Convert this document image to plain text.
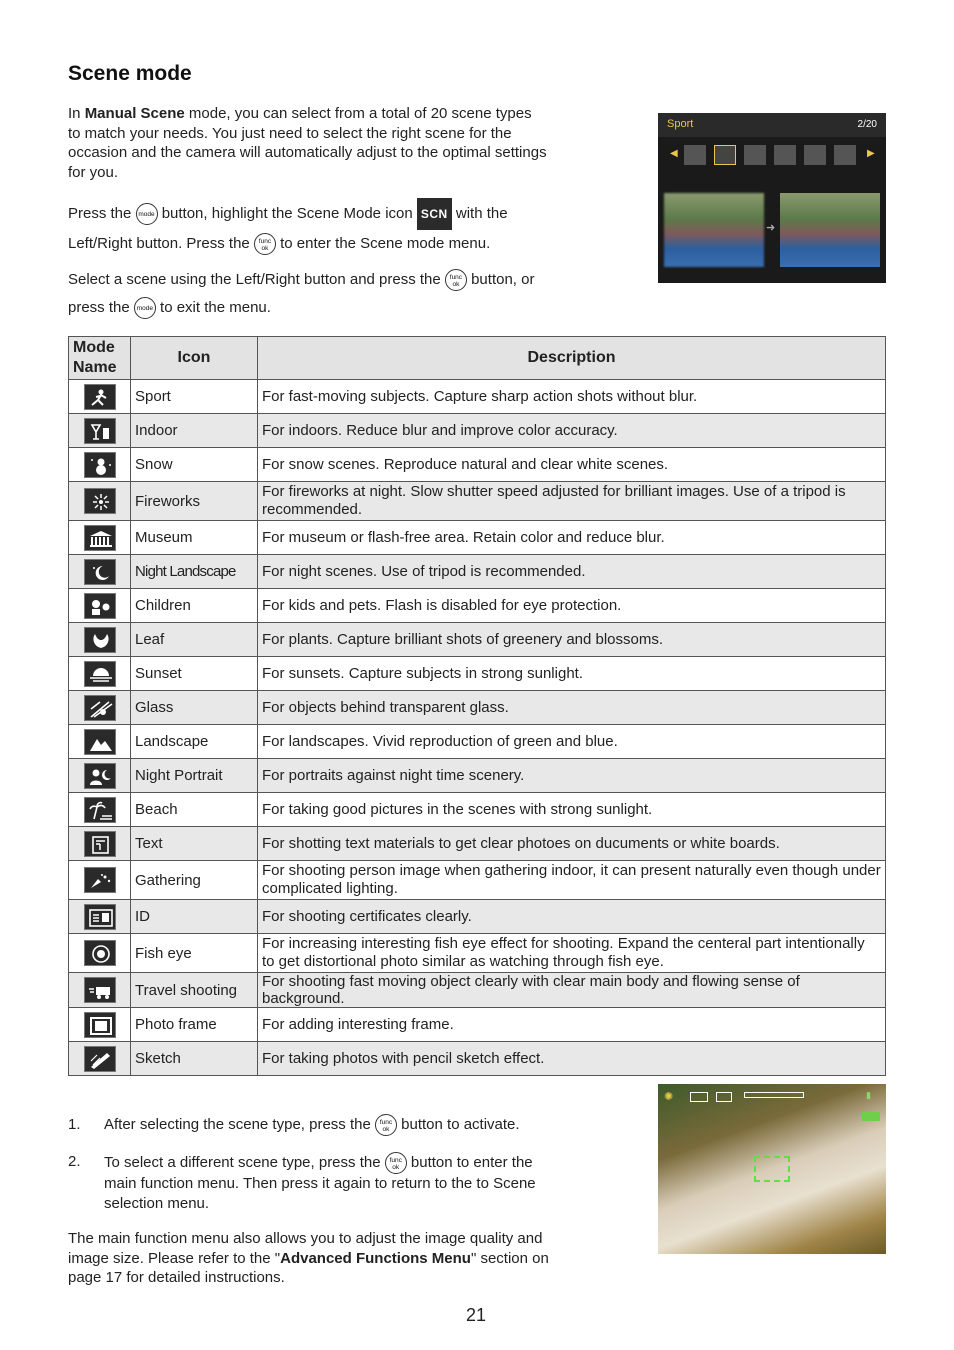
Scene mode
In Manual Scene mode, you can select from a total of 20 scene types to match your needs. You just need to select the right scene for the occasion and the camera will automatically adjust to the optimal settings for you.
Press the mode button, highlight the Scene Mode icon SCN with the
Left/Right button. Press the func
ok to enter the Scene mode menu.
Select a scene using the Left/Right button and press the func
ok button, or
press the mode to exit the menu.
Sport	2/20
◀	▶
➜
Mode Name	Icon	Description

	Sport	For fast-moving subjects. Capture sharp action shots without blur.

	Indoor	For indoors. Reduce blur and improve color accuracy.

	Snow	For snow scenes. Reproduce natural and clear white scenes.

	Fireworks	For fireworks at night. Slow shutter speed adjusted for brilliant images. Use of a tripod is recommended.

	Museum	For museum or flash-free area. Retain color and reduce blur.

	Night Landscape	For night scenes. Use of tripod is recommended.

	Children	For kids and pets. Flash is disabled for eye protection.

	Leaf	For plants. Capture brilliant shots of greenery and blossoms.

	Sunset	For sunsets. Capture subjects in strong sunlight.

	Glass	For objects behind transparent glass.

	Landscape	For landscapes. Vivid reproduction of green and blue.

	Night Portrait	For portraits against night time scenery.

	Beach	For taking good pictures in the scenes with strong sunlight.

	Text	For shotting text materials to get clear photoes on ducuments or white boards.

	Gathering	For shooting person image when gathering indoor, it can present naturally even though under complicated lighting.

	ID	For shooting certificates clearly.

	Fish eye	For increasing interesting fish eye effect for shooting. Expand the centeral part intentionally to get distortional photo similar as watching through fish eye.

	Travel shooting	For shooting fast moving object clearly with clear main body and flowing sense of background.

	Photo frame	For adding interesting frame.

	Sketch	For taking photos with pencil sketch effect.
✺	▮
1. After selecting the scene type, press the func
ok button to activate.
2. To select a different scene type, press the func
ok button to enter the main function menu. Then press it again to return to the to Scene selection menu.
The main function menu also allows you to adjust the image quality and image size. Please refer to the "Advanced Functions Menu" section on page 17 for detailed instructions.
21
